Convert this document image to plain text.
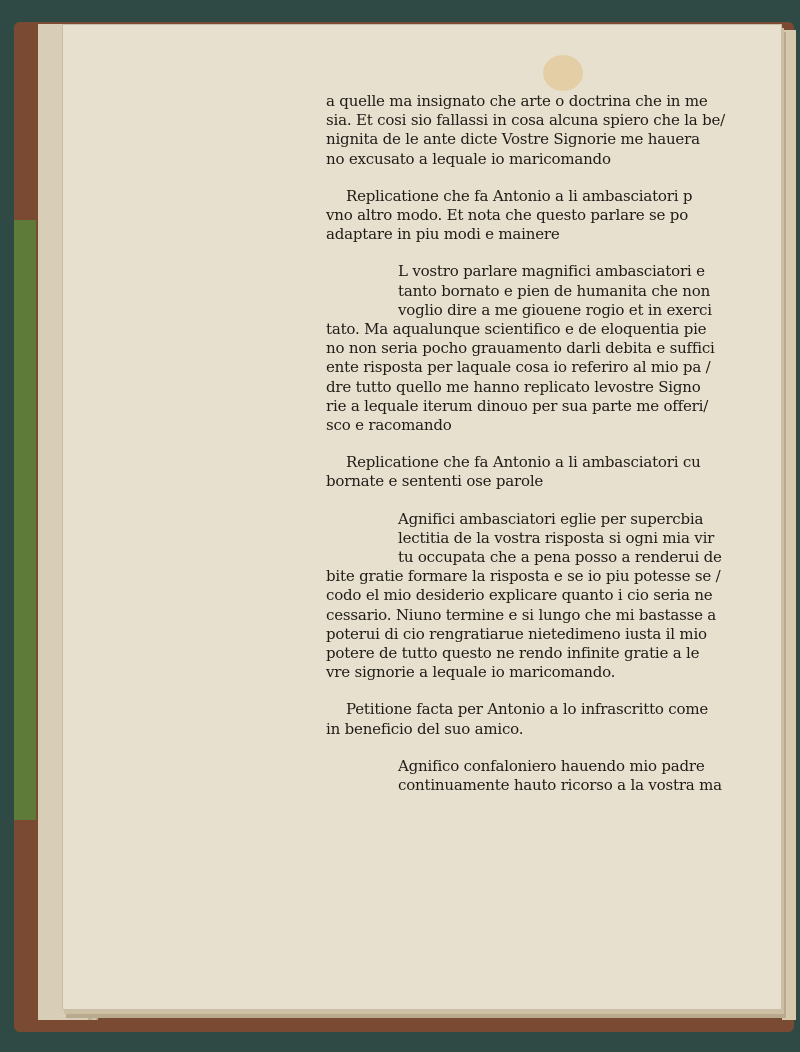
a quelle ma insignato che arte o doctrina che in me
sia. Et cosi sio fallassi in cosa alcuna spiero che la be/
nignita de le ante dicte Vostre Signorie me hauera
no excusato a lequale io maricomando
Replicatione che fa Antonio a li ambasciatori p
vno altro modo. Et nota che questo parlare se po
adaptare in piu modi e mainere
L vostro parlare magnifici ambasciatori e
tanto bornato e pien de humanita che non
voglio dire a me giouene rogio et in exerci
tato. Ma aqualunque scientifico e de eloquentia pie
no non seria pocho grauamento darli debita e suffici
ente risposta per laquale cosa io referiro al mio pa /
dre tutto quello me hanno replicato levostre Signo
rie a lequale iterum dinouo per sua parte me offeri/
sco e racomando
Replicatione che fa Antonio a li ambasciatori cu
bornate e sententi ose parole
Agnifici ambasciatori eglie per supercbia
lectitia de la vostra risposta si ogni mia vir
tu occupata che a pena posso a renderui de
bite gratie formare la risposta e se io piu potesse se /
codo el mio desiderio explicare quanto i cio seria ne
cessario. Niuno termine e si lungo che mi bastasse a
poterui di cio rengratiarue nietedimeno iusta il mio
potere de tutto questo ne rendo infinite gratie a le
vre signorie a lequale io maricomando.
Petitione facta per Antonio a lo infrascritto come
in beneficio del suo amico.
Agnifico confaloniero hauendo mio padre
continuamente hauto ricorso a la vostra ma
